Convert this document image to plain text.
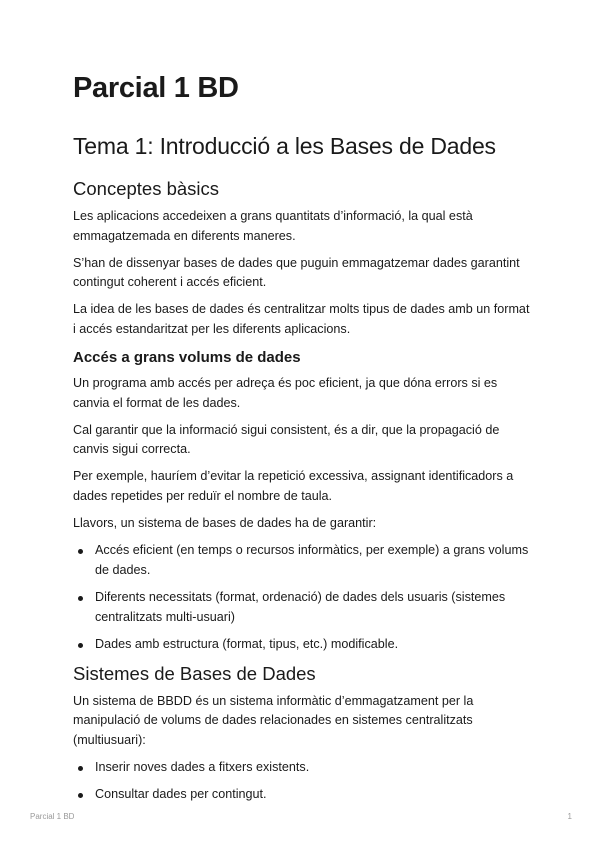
Parcial 1 BD
Tema 1: Introducció a les Bases de Dades
Conceptes bàsics

Les aplicacions accedeixen a grans quantitats d’informació, la qual està emmagatzemada en diferents maneres.

S’han de dissenyar bases de dades que puguin emmagatzemar dades garantint contingut coherent i accés eficient.

La idea de les bases de dades és centralitzar molts tipus de dades amb un format i accés estandaritzat per les diferents aplicacions.

Accés a grans volums de dades

Un programa amb accés per adreça és poc eficient, ja que dóna errors si es canvia el format de les dades.

Cal garantir que la informació sigui consistent, és a dir, que la propagació de canvis sigui correcta.

Per exemple, hauríem d’evitar la repetició excessiva, assignant identificadors a dades repetides per reduïr el nombre de taula.

Llavors, un sistema de bases de dades ha de garantir:

Accés eficient (en temps o recursos informàtics, per exemple) a grans volums de dades.
Diferents necessitats (format, ordenació) de dades dels usuaris (sistemes centralitzats multi-usuari)
Dades amb estructura (format, tipus, etc.) modificable.
Sistemes de Bases de Dades

Un sistema de BBDD és un sistema informàtic d’emmagatzament per la manipulació de volums de dades relacionades en sistemes centralitzats (multiusuari):

Inserir noves dades a fitxers existents.
Consultar dades per contingut.
Parcial 1 BD	1
